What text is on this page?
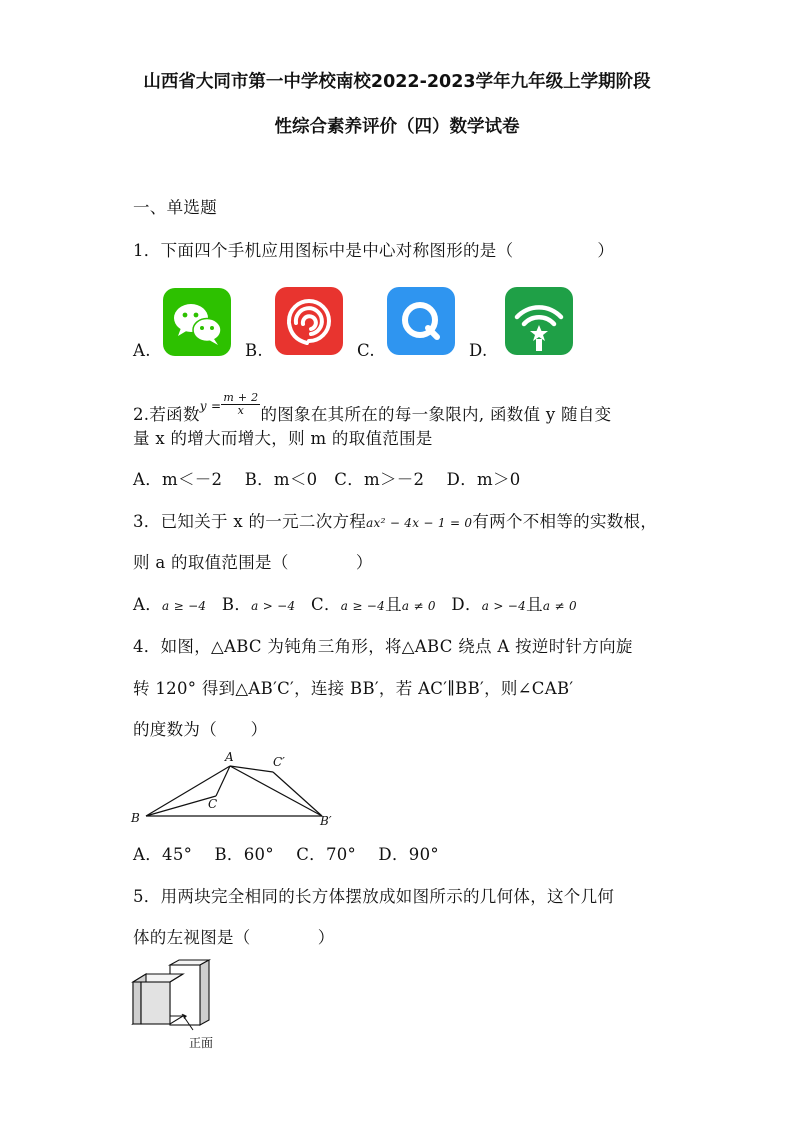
山西省大同市第一中学校南校2022-2023学年九年级上学期阶段
性综合素养评价（四）数学试卷
一、单选题
1．下面四个手机应用图标中是中心对称图形的是（　　　　　）
A.	B.	C.	D.
2.若函数$^{y =} \frac{m + 2}{x}$ 的图象在其所在的每一象限内, 函数值 y 随自变
量 x 的增大而增大，则 m 的取值范围是
A．m＜－2　 B．m＜0　C．m＞－2　 D．m＞0
3．已知关于 x 的一元二次方程ax² − 4x − 1 = 0有两个不相等的实数根，
则 a 的取值范围是（　　　　）
A．a ≥ −4 B．a > −4 C．a ≥ −4且a ≠ 0 D．a > −4且a ≠ 0
4．如图，△ABC 为钝角三角形，将△ABC 绕点 A 按逆时针方向旋
转 120° 得到△AB′C′，连接 BB′，若 AC′∥BB′，则∠CAB′
的度数为（　　）
A
B
C
C′
B′
A．45°　 B．60°　 C．70°　 D．90°
5．用两块完全相同的长方体摆放成如图所示的几何体，这个几何
体的左视图是（　　　　）
正面
